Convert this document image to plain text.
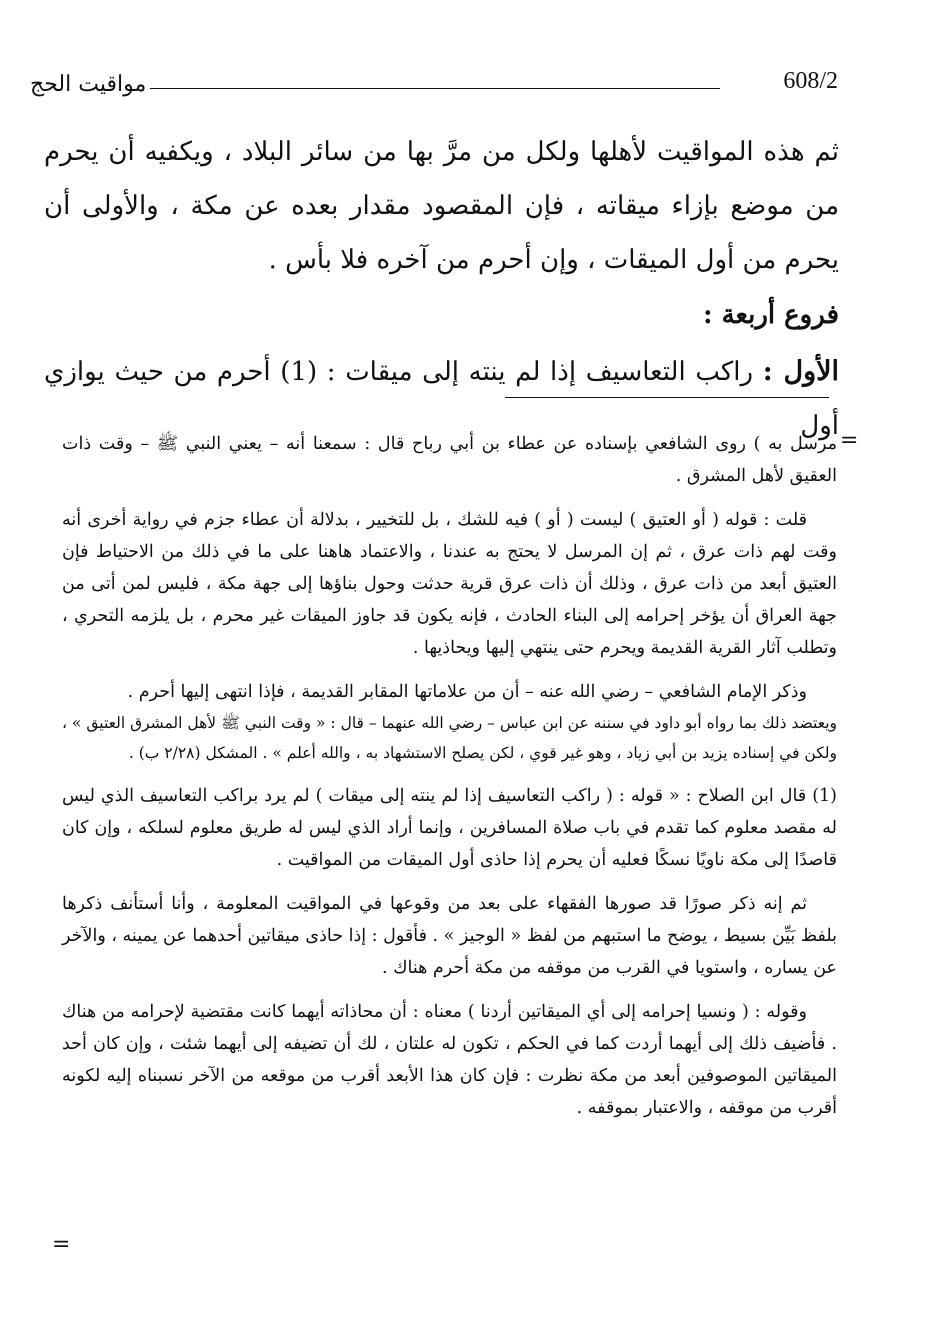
608/2
مواقيت الحج

ثم هذه المواقيت لأهلها ولكل من مرَّ بها من سائر البلاد ، ويكفيه أن يحرم من موضع بإزاء ميقاته ، فإن المقصود مقدار بعده عن مكة ، والأولى أن يحرم من أول الميقات ، وإن أحرم من آخره فلا بأس .

فروع أربعة :

الأول : راكب التعاسيف إذا لم ينته إلى ميقات : (1) أحرم من حيث يوازي أول =

مرسل به ) روى الشافعي بإسناده عن عطاء بن أبي رباح قال : سمعنا أنه – يعني النبي ﷺ – وقت ذات العقيق لأهل المشرق .

قلت : قوله ( أو العتيق ) ليست ( أو ) فيه للشك ، بل للتخيير ، بدلالة أن عطاء جزم في رواية أخرى أنه وقت لهم ذات عرق ، ثم إن المرسل لا يحتج به عندنا ، والاعتماد هاهنا على ما في ذلك من الاحتياط فإن العتيق أبعد من ذات عرق ، وذلك أن ذات عرق قرية حدثت وحول بناؤها إلى جهة مكة ، فليس لمن أتى من جهة العراق أن يؤخر إحرامه إلى البناء الحادث ، فإنه يكون قد جاوز الميقات غير محرم ، بل يلزمه التحري ، وتطلب آثار القرية القديمة ويحرم حتى ينتهي إليها ويحاذيها .

وذكر الإمام الشافعي – رضي الله عنه – أن من علاماتها المقابر القديمة ، فإذا انتهى إليها أحرم .

ويعتضد ذلك بما رواه أبو داود في سننه عن ابن عباس – رضي الله عنهما – قال : « وقت النبي ﷺ لأهل المشرق العتيق » ، ولكن في إسناده يزيد بن أبي زياد ، وهو غير قوي ، لكن يصلح الاستشهاد به ، والله أعلم » . المشكل (٢/٢٨ ب) .

(1) قال ابن الصلاح : « قوله : ( راكب التعاسيف إذا لم ينته إلى ميقات ) لم يرد براكب التعاسيف الذي ليس له مقصد معلوم كما تقدم في باب صلاة المسافرين ، وإنما أراد الذي ليس له طريق معلوم لسلكه ، وإن كان قاصدًا إلى مكة ناويًا نسكًا فعليه أن يحرم إذا حاذى أول الميقات من المواقيت .

ثم إنه ذكر صورًا قد صورها الفقهاء على بعد من وقوعها في المواقيت المعلومة ، وأنا أستأنف ذكرها بلفظ بَيِّن بسيط ، يوضح ما استبهم من لفظ « الوجيز » . فأقول : إذا حاذى ميقاتين أحدهما عن يمينه ، والآخر عن يساره ، واستويا في القرب من موقفه من مكة أحرم هناك .

وقوله : ( ونسيا إحرامه إلى أي الميقاتين أردنا ) معناه : أن محاذاته أيهما كانت مقتضية لإحرامه من هناك . فأضيف ذلك إلى أيهما أردت كما في الحكم ، تكون له علتان ، لك أن تضيفه إلى أيهما شئت ، وإن كان أحد الميقاتين الموصوفين أبعد من مكة نظرت : فإن كان هذا الأبعد أقرب من موقعه من الآخر نسبناه إليه لكونه أقرب من موقفه ، والاعتبار بموقفه .

=
